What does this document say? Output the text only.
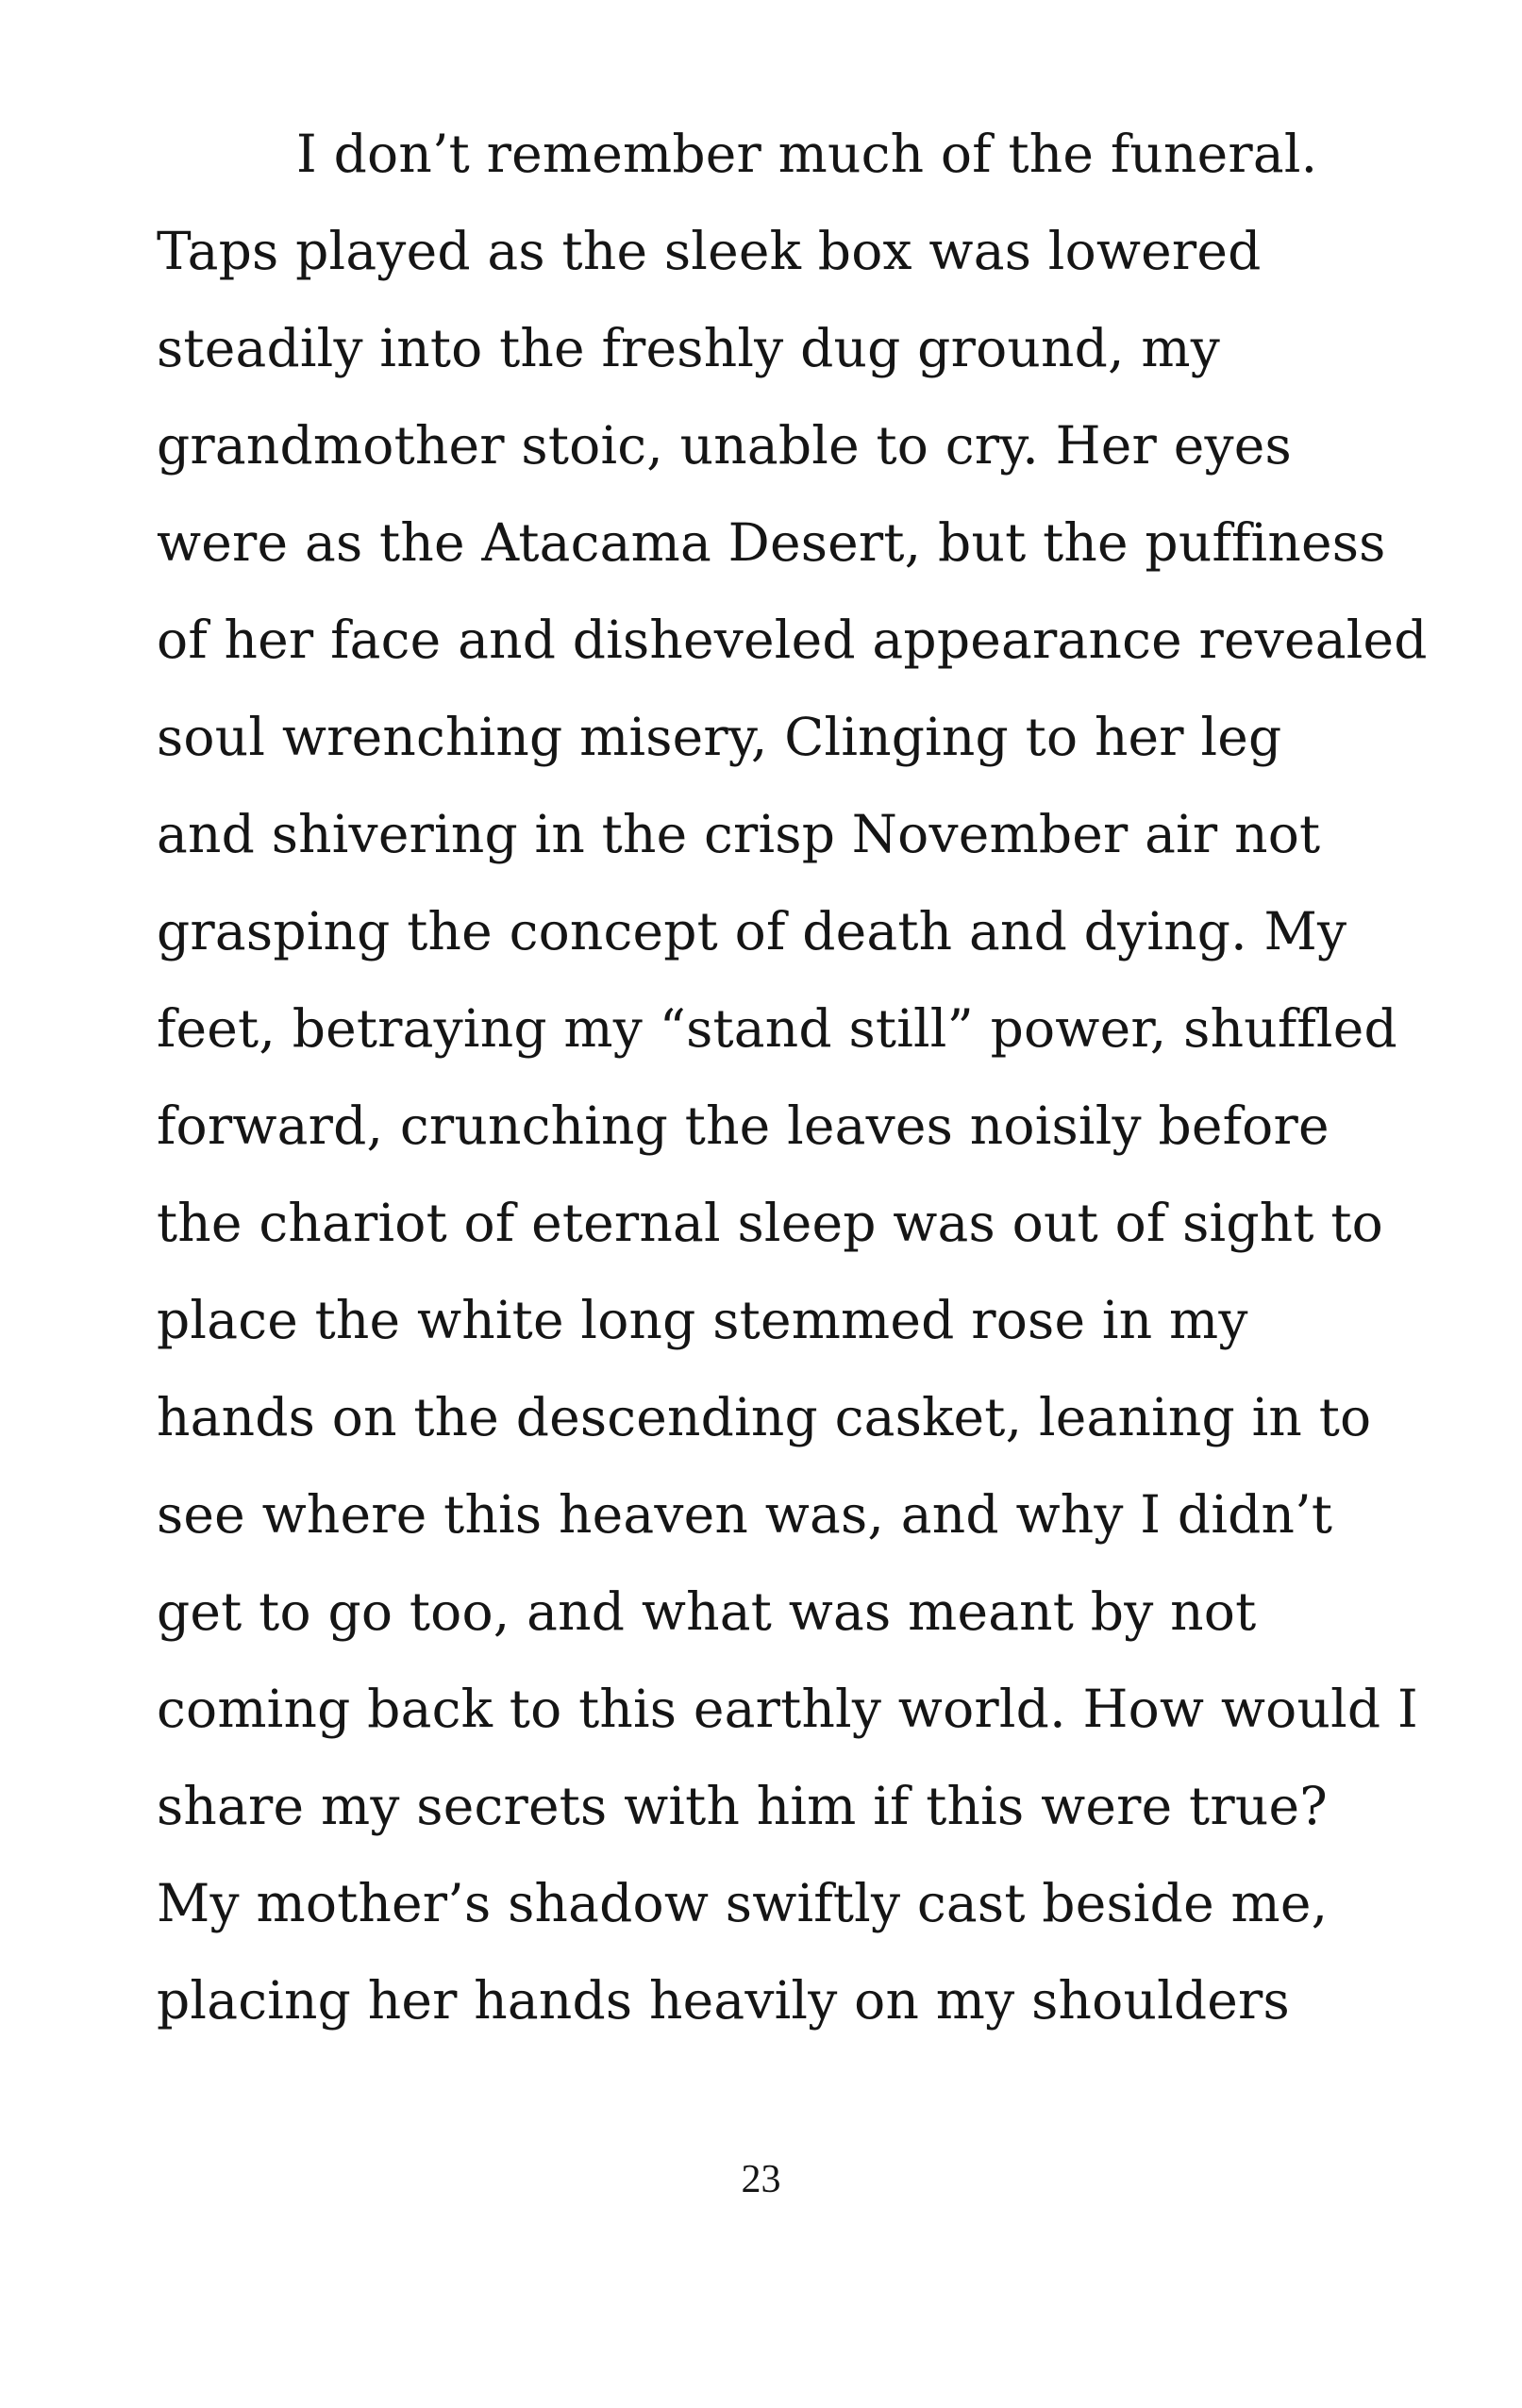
I don’t remember much of the funeral.
Taps played as the sleek box was lowered
steadily into the freshly dug ground, my
grandmother stoic, unable to cry. Her eyes
were as the Atacama Desert, but the puffiness
of her face and disheveled appearance revealed
soul wrenching misery, Clinging to her leg
and shivering in the crisp November air not
grasping the concept of death and dying. My
feet, betraying my “stand still” power, shuffled
forward, crunching the leaves noisily before
the chariot of eternal sleep was out of sight to
place the white long stemmed rose in my
hands on the descending casket, leaning in to
see where this heaven was, and why I didn’t
get to go too, and what was meant by not
coming back to this earthly world. How would I
share my secrets with him if this were true?
My mother’s shadow swiftly cast beside me,
placing her hands heavily on my shoulders
23
